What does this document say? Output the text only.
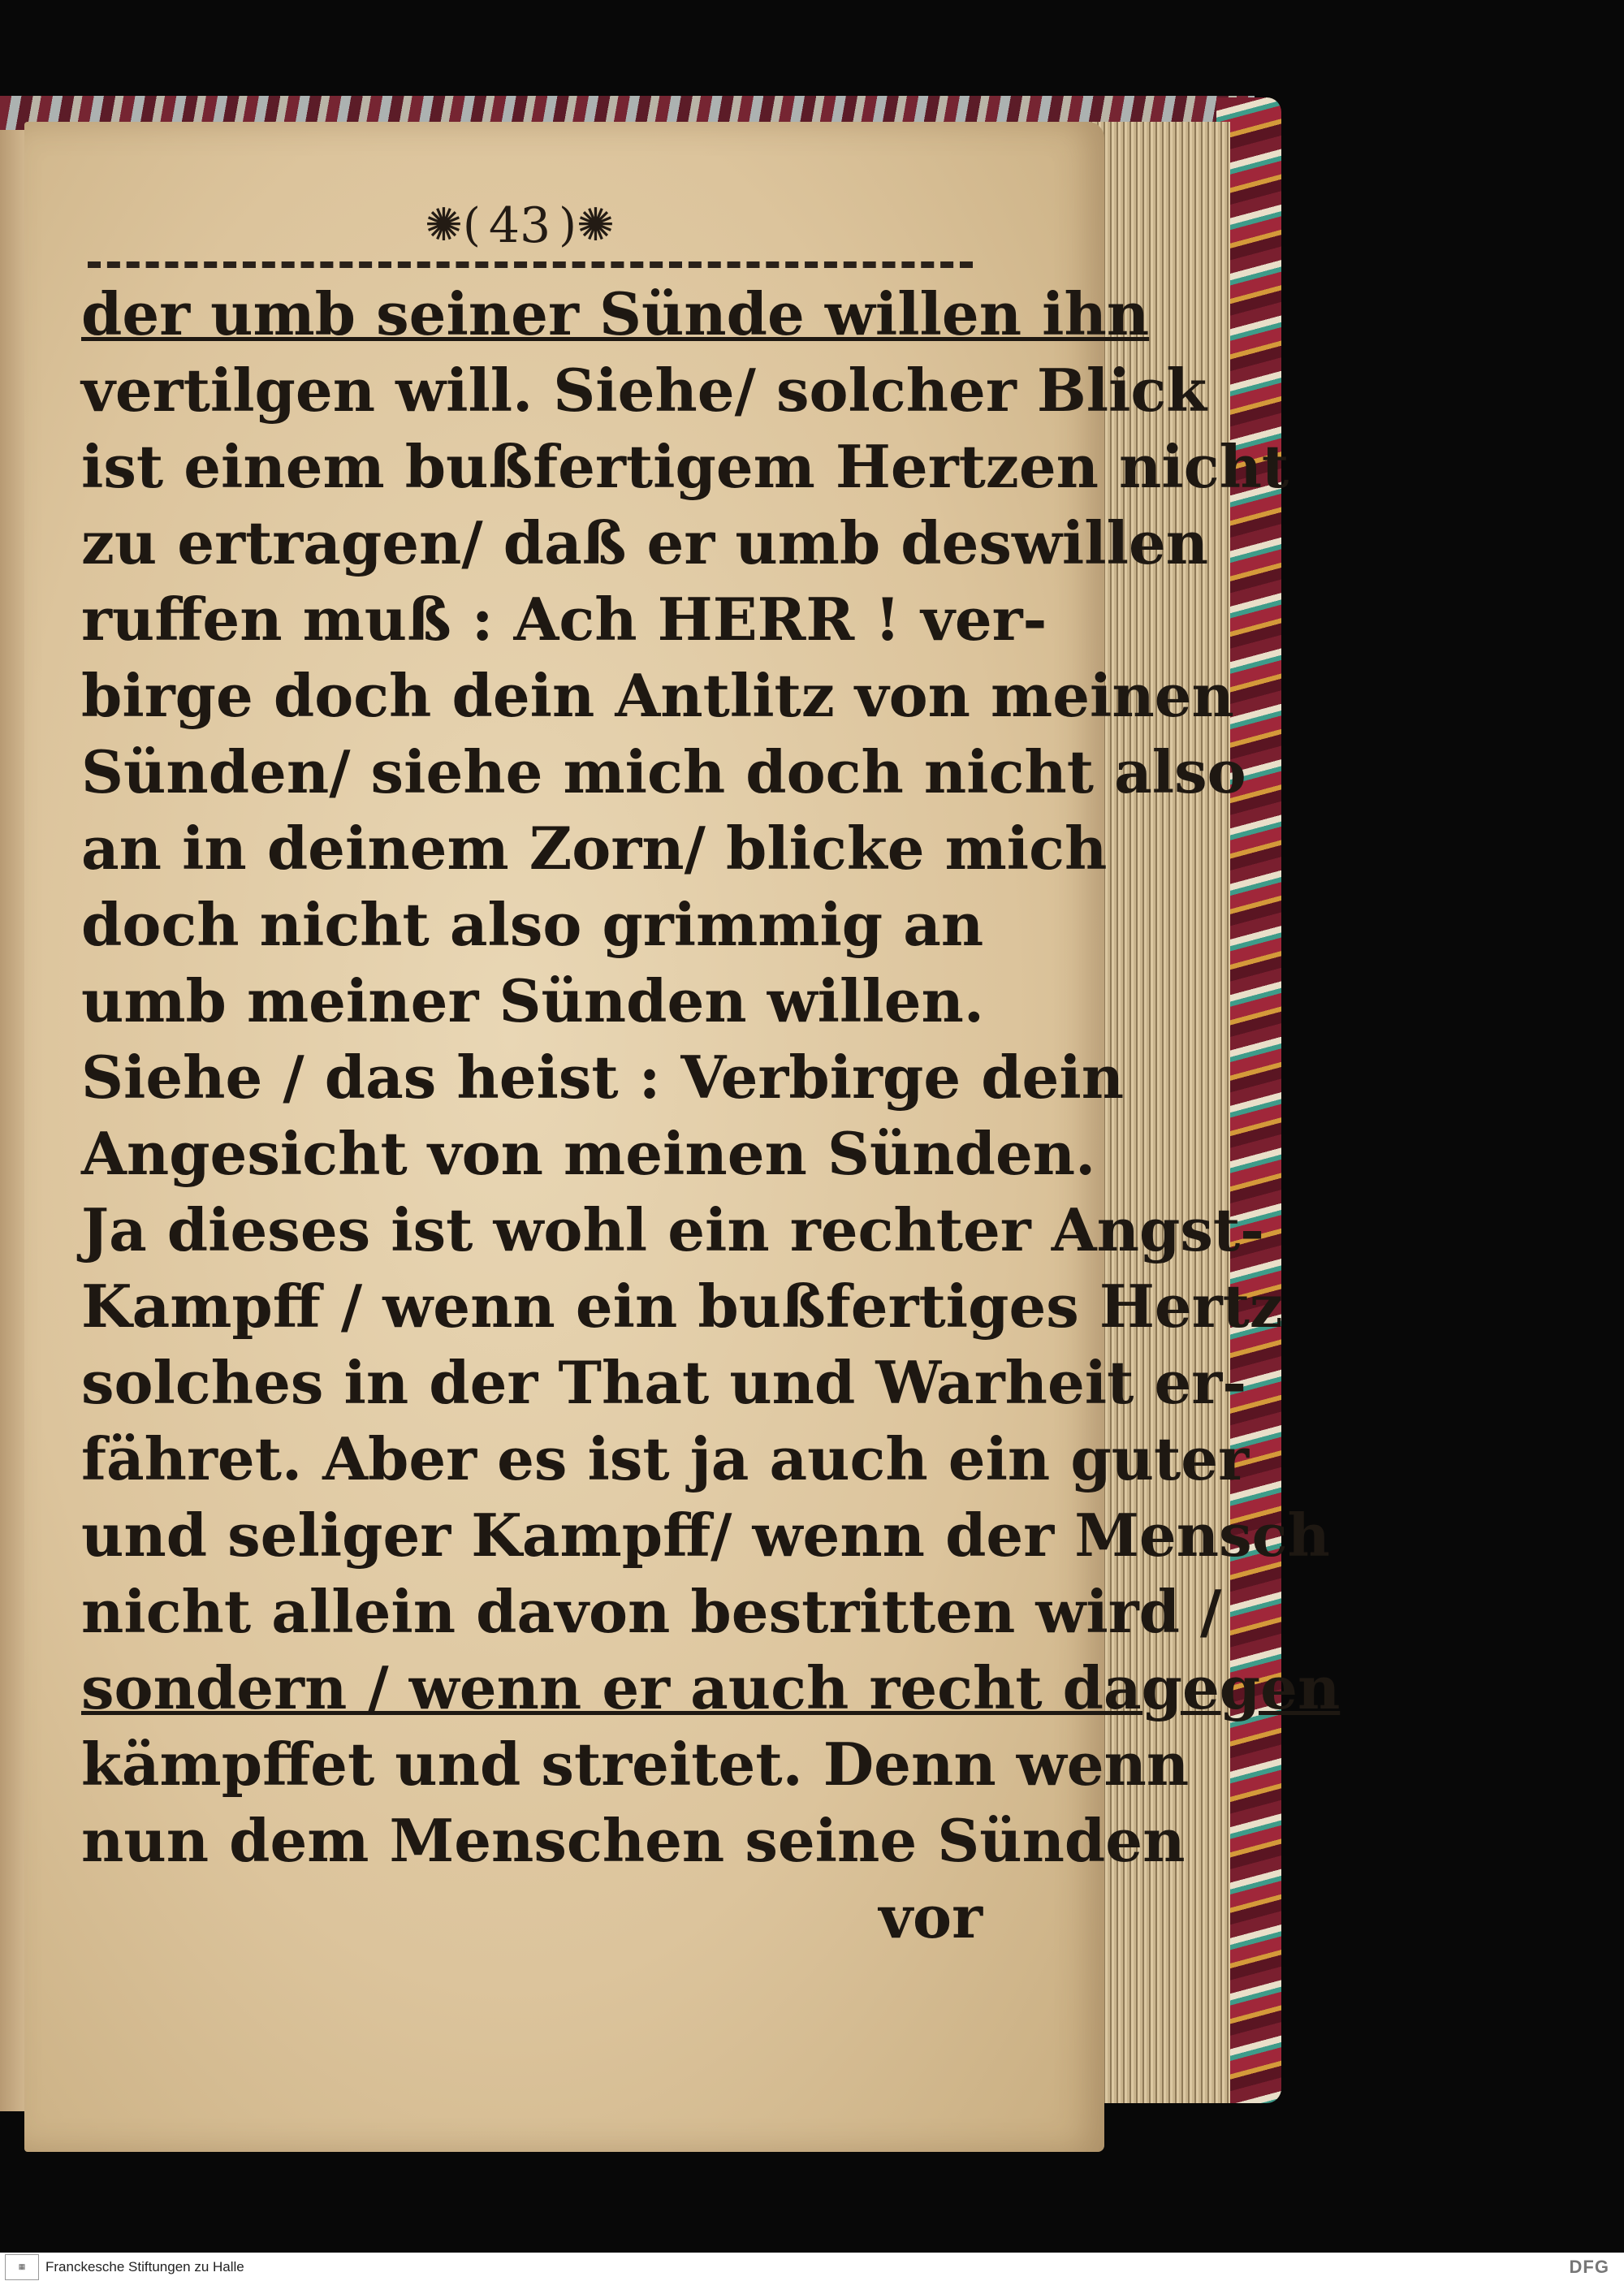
✺( 43 )✺
der umb seiner Sünde willen ihn
vertilgen will. Siehe/ solcher Blick
ist einem bußfertigem Hertzen nicht
zu ertragen/ daß er umb deswillen
ruffen muß : Ach HERR ! ver-
birge doch dein Antlitz von meinen
Sünden/ siehe mich doch nicht also
an in deinem Zorn/ blicke mich
doch nicht also grimmig an
umb meiner Sünden willen.
Siehe / das heist : Verbirge dein
Angesicht von meinen Sünden.
Ja dieses ist wohl ein rechter Angst-
Kampff / wenn ein bußfertiges Hertz
solches in der That und Warheit er-
fähret. Aber es ist ja auch ein guter
und seliger Kampff/ wenn der Mensch
nicht allein davon bestritten wird /
sondern / wenn er auch recht dagegen
kämpffet und streitet. Denn wenn
nun dem Menschen seine Sünden
vor
▦	Franckesche Stiftungen zu Halle	DFG
